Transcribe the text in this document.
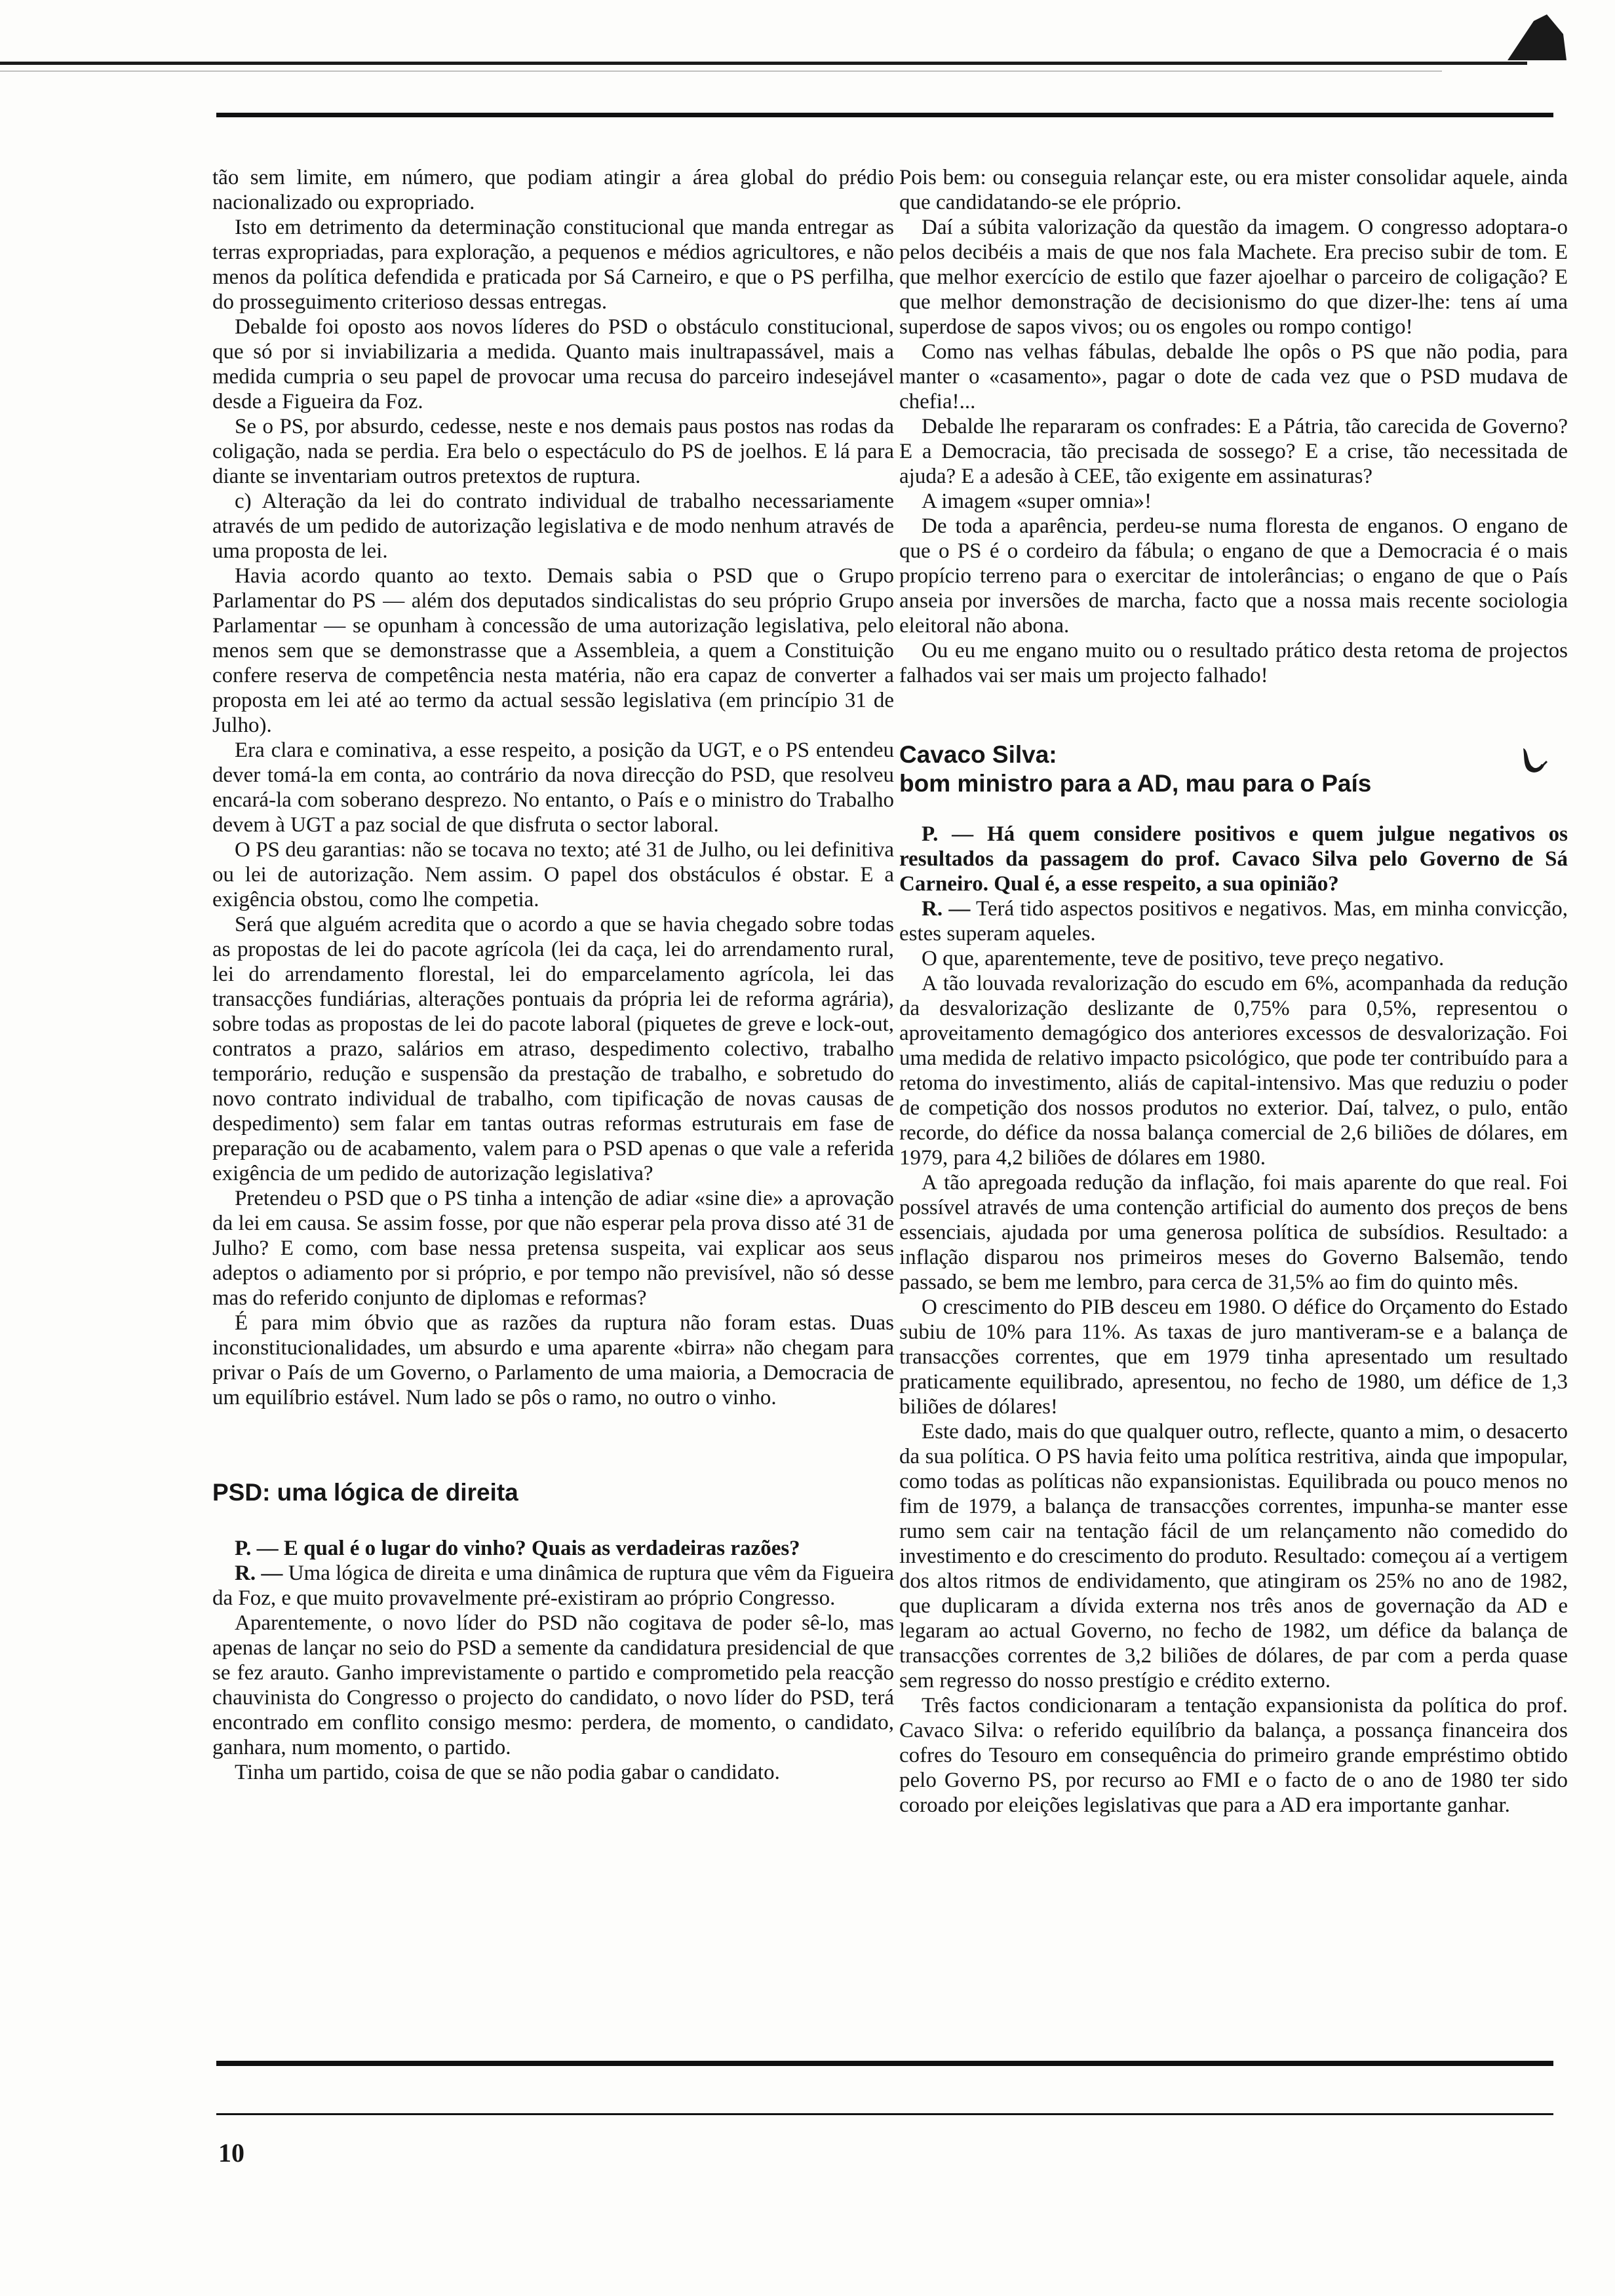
tão sem limite, em número, que podiam atingir a área global do prédio nacionalizado ou expropriado.

Isto em detrimento da determinação constitucional que manda entregar as terras expropriadas, para exploração, a pequenos e médios agricultores, e não menos da política defendida e praticada por Sá Carneiro, e que o PS perfilha, do prosseguimento criterioso dessas entregas.

Debalde foi oposto aos novos líderes do PSD o obstáculo constitucional, que só por si inviabilizaria a medida. Quanto mais inultrapassável, mais a medida cumpria o seu papel de provocar uma recusa do parceiro indesejável desde a Figueira da Foz.

Se o PS, por absurdo, cedesse, neste e nos demais paus postos nas rodas da coligação, nada se perdia. Era belo o espectáculo do PS de joelhos. E lá para diante se inventariam outros pretextos de ruptura.

c) Alteração da lei do contrato individual de trabalho necessariamente através de um pedido de autorização legislativa e de modo nenhum através de uma proposta de lei.

Havia acordo quanto ao texto. Demais sabia o PSD que o Grupo Parlamentar do PS — além dos deputados sindicalistas do seu próprio Grupo Parlamentar — se opunham à concessão de uma autorização legislativa, pelo menos sem que se demonstrasse que a Assembleia, a quem a Constituição confere reserva de competência nesta matéria, não era capaz de converter a proposta em lei até ao termo da actual sessão legislativa (em princípio 31 de Julho).

Era clara e cominativa, a esse respeito, a posição da UGT, e o PS entendeu dever tomá-la em conta, ao contrário da nova direcção do PSD, que resolveu encará-la com soberano desprezo. No entanto, o País e o ministro do Trabalho devem à UGT a paz social de que disfruta o sector laboral.

O PS deu garantias: não se tocava no texto; até 31 de Julho, ou lei definitiva ou lei de autorização. Nem assim. O papel dos obstáculos é obstar. E a exigência obstou, como lhe competia.

Será que alguém acredita que o acordo a que se havia chegado sobre todas as propostas de lei do pacote agrícola (lei da caça, lei do arrendamento rural, lei do arrendamento florestal, lei do emparcelamento agrícola, lei das transacções fundiárias, alterações pontuais da própria lei de reforma agrária), sobre todas as propostas de lei do pacote laboral (piquetes de greve e lock-out, contratos a prazo, salários em atraso, despedimento colectivo, trabalho temporário, redução e suspensão da prestação de trabalho, e sobretudo do novo contrato individual de trabalho, com tipificação de novas causas de despedimento) sem falar em tantas outras reformas estruturais em fase de preparação ou de acabamento, valem para o PSD apenas o que vale a referida exigência de um pedido de autorização legislativa?

Pretendeu o PSD que o PS tinha a intenção de adiar «sine die» a aprovação da lei em causa. Se assim fosse, por que não esperar pela prova disso até 31 de Julho? E como, com base nessa pretensa suspeita, vai explicar aos seus adeptos o adiamento por si próprio, e por tempo não previsível, não só desse mas do referido conjunto de diplomas e reformas?

É para mim óbvio que as razões da ruptura não foram estas. Duas inconstitucionalidades, um absurdo e uma aparente «birra» não chegam para privar o País de um Governo, o Parlamento de uma maioria, a Democracia de um equilíbrio estável. Num lado se pôs o ramo, no outro o vinho.

PSD: uma lógica de direita

P. — E qual é o lugar do vinho? Quais as verdadeiras razões?

R. — Uma lógica de direita e uma dinâmica de ruptura que vêm da Figueira da Foz, e que muito provavelmente pré-existiram ao próprio Congresso.

Aparentemente, o novo líder do PSD não cogitava de poder sê-lo, mas apenas de lançar no seio do PSD a semente da candidatura presidencial de que se fez arauto. Ganho imprevistamente o partido e comprometido pela reacção chauvinista do Congresso o projecto do candidato, o novo líder do PSD, terá encontrado em conflito consigo mesmo: perdera, de momento, o candidato, ganhara, num momento, o partido.

Tinha um partido, coisa de que se não podia gabar o candidato.

Pois bem: ou conseguia relançar este, ou era mister consolidar aquele, ainda que candidatando-se ele próprio.

Daí a súbita valorização da questão da imagem. O congresso adoptara-o pelos decibéis a mais de que nos fala Machete. Era preciso subir de tom. E que melhor exercício de estilo que fazer ajoelhar o parceiro de coligação? E que melhor demonstração de decisionismo do que dizer-lhe: tens aí uma superdose de sapos vivos; ou os engoles ou rompo contigo!

Como nas velhas fábulas, debalde lhe opôs o PS que não podia, para manter o «casamento», pagar o dote de cada vez que o PSD mudava de chefia!...

Debalde lhe repararam os confrades: E a Pátria, tão carecida de Governo? E a Democracia, tão precisada de sossego? E a crise, tão necessitada de ajuda? E a adesão à CEE, tão exigente em assinaturas?

A imagem «super omnia»!

De toda a aparência, perdeu-se numa floresta de enganos. O engano de que o PS é o cordeiro da fábula; o engano de que a Democracia é o mais propício terreno para o exercitar de intolerâncias; o engano de que o País anseia por inversões de marcha, facto que a nossa mais recente sociologia eleitoral não abona.

Ou eu me engano muito ou o resultado prático desta retoma de projectos falhados vai ser mais um projecto falhado!

Cavaco Silva:
bom ministro para a AD, mau para o País

P. — Há quem considere positivos e quem julgue negativos os resultados da passagem do prof. Cavaco Silva pelo Governo de Sá Carneiro. Qual é, a esse respeito, a sua opinião?

R. — Terá tido aspectos positivos e negativos. Mas, em minha convicção, estes superam aqueles.

O que, aparentemente, teve de positivo, teve preço negativo.

A tão louvada revalorização do escudo em 6%, acompanhada da redução da desvalorização deslizante de 0,75% para 0,5%, representou o aproveitamento demagógico dos anteriores excessos de desvalorização. Foi uma medida de relativo impacto psicológico, que pode ter contribuído para a retoma do investimento, aliás de capital-intensivo. Mas que reduziu o poder de competição dos nossos produtos no exterior. Daí, talvez, o pulo, então recorde, do défice da nossa balança comercial de 2,6 biliões de dólares, em 1979, para 4,2 biliões de dólares em 1980.

A tão apregoada redução da inflação, foi mais aparente do que real. Foi possível através de uma contenção artificial do aumento dos preços de bens essenciais, ajudada por uma generosa política de subsídios. Resultado: a inflação disparou nos primeiros meses do Governo Balsemão, tendo passado, se bem me lembro, para cerca de 31,5% ao fim do quinto mês.

O crescimento do PIB desceu em 1980. O défice do Orçamento do Estado subiu de 10% para 11%. As taxas de juro mantiveram-se e a balança de transacções correntes, que em 1979 tinha apresentado um resultado praticamente equilibrado, apresentou, no fecho de 1980, um défice de 1,3 biliões de dólares!

Este dado, mais do que qualquer outro, reflecte, quanto a mim, o desacerto da sua política. O PS havia feito uma política restritiva, ainda que impopular, como todas as políticas não expansionistas. Equilibrada ou pouco menos no fim de 1979, a balança de transacções correntes, impunha-se manter esse rumo sem cair na tentação fácil de um relançamento não comedido do investimento e do crescimento do produto. Resultado: começou aí a vertigem dos altos ritmos de endividamento, que atingiram os 25% no ano de 1982, que duplicaram a dívida externa nos três anos de governação da AD e legaram ao actual Governo, no fecho de 1982, um défice da balança de transacções correntes de 3,2 biliões de dólares, de par com a perda quase sem regresso do nosso prestígio e crédito externo.

Três factos condicionaram a tentação expansionista da política do prof. Cavaco Silva: o referido equilíbrio da balança, a possança financeira dos cofres do Tesouro em consequência do primeiro grande empréstimo obtido pelo Governo PS, por recurso ao FMI e o facto de o ano de 1980 ter sido coroado por eleições legislativas que para a AD era importante ganhar.

10
